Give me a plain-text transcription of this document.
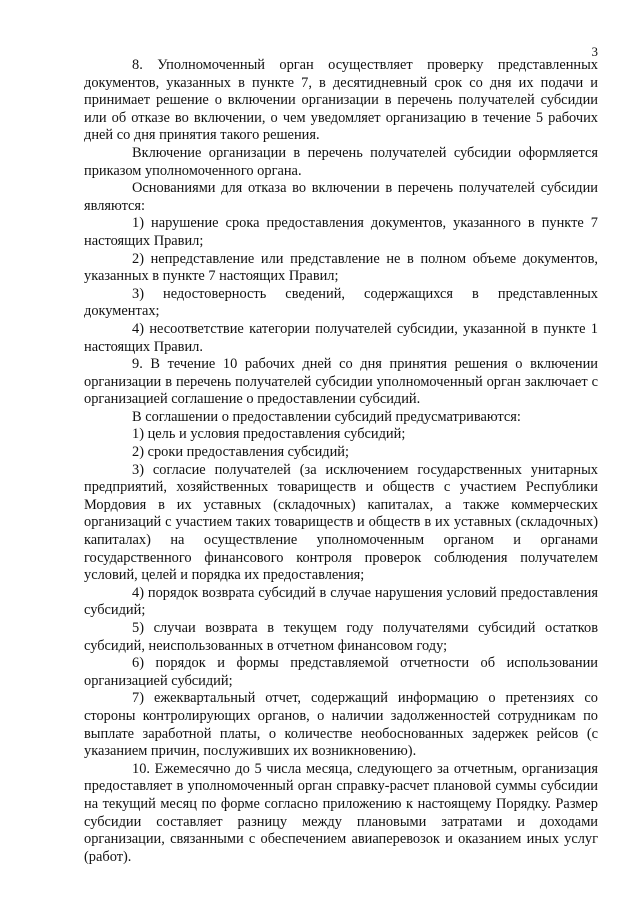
3

8. Уполномоченный орган осуществляет проверку представленных документов, указанных в пункте 7, в десятидневный срок со дня их подачи и принимает решение о включении организации в перечень получателей субсидии или об отказе во включении, о чем уведомляет организацию в течение 5 рабочих дней со дня принятия такого решения.

Включение организации в перечень получателей субсидии оформляется приказом уполномоченного органа.

Основаниями для отказа во включении в перечень получателей субсидии являются:

1) нарушение срока предоставления документов, указанного в пункте 7 настоящих Правил;

2) непредставление или представление не в полном объеме документов, указанных в пункте 7 настоящих Правил;

3) недостоверность сведений, содержащихся в представленных документах;

4) несоответствие категории получателей субсидии, указанной в пункте 1 настоящих Правил.

9. В течение 10 рабочих дней со дня принятия решения о включении организации в перечень получателей субсидии уполномоченный орган заключает с организацией соглашение о предоставлении субсидий.

В соглашении о предоставлении субсидий предусматриваются:

1) цель и условия предоставления субсидий;

2) сроки предоставления субсидий;

3) согласие получателей (за исключением государственных унитарных предприятий, хозяйственных товариществ и обществ с участием Республики Мордовия в их уставных (складочных) капиталах, а также коммерческих организаций с участием таких товариществ и обществ в их уставных (складочных) капиталах) на осуществление уполномоченным органом и органами государственного финансового контроля проверок соблюдения получателем условий, целей и порядка их предоставления;

4) порядок возврата субсидий в случае нарушения условий предоставления субсидий;

5) случаи возврата в текущем году получателями субсидий остатков субсидий, неиспользованных в отчетном финансовом году;

6) порядок и формы представляемой отчетности об использовании организацией субсидий;

7) ежеквартальный отчет, содержащий информацию о претензиях со стороны контролирующих органов, о наличии задолженностей сотрудникам по выплате заработной платы, о количестве необоснованных задержек рейсов (с указанием причин, послуживших их возникновению).

10. Ежемесячно до 5 числа месяца, следующего за отчетным, организация предоставляет в уполномоченный орган справку-расчет плановой суммы субсидии на текущий месяц по форме согласно приложению к настоящему Порядку. Размер субсидии составляет разницу между плановыми затратами и доходами организации, связанными с обеспечением авиаперевозок и оказанием иных услуг (работ).
